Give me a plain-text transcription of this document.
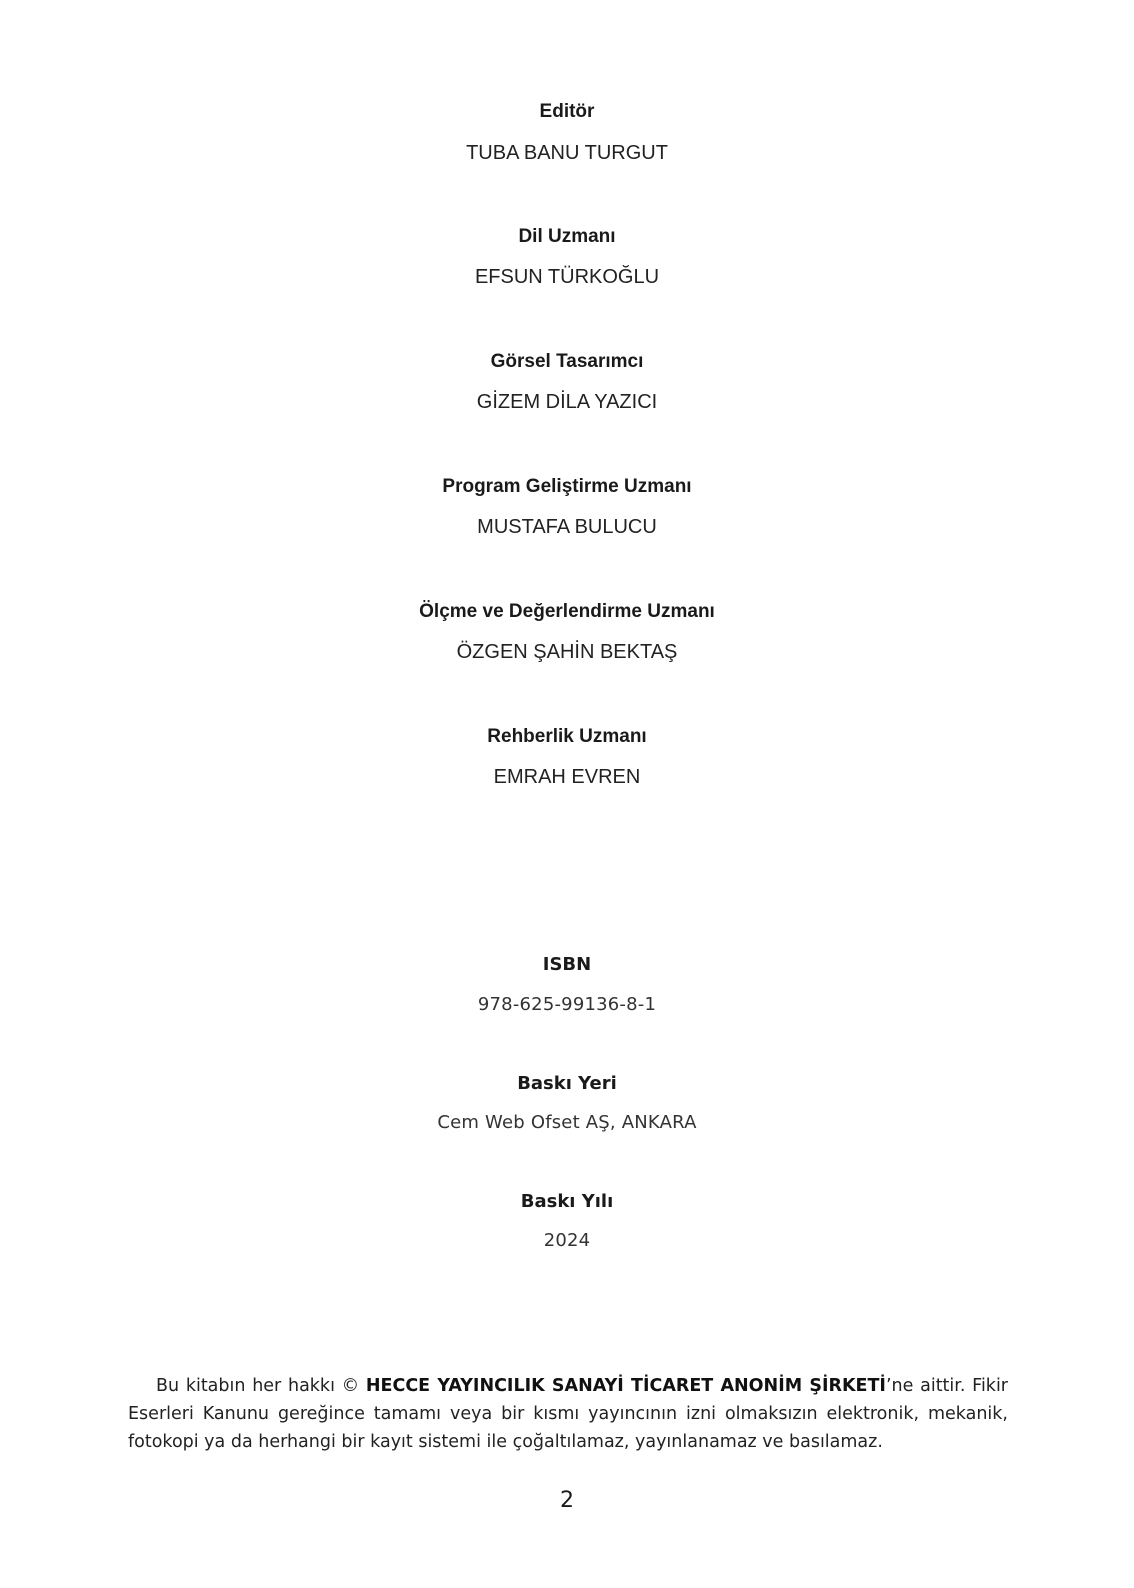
Editör

TUBA BANU TURGUT

Dil Uzmanı

EFSUN TÜRKOĞLU

Görsel Tasarımcı

GİZEM DİLA YAZICI

Program Geliştirme Uzmanı

MUSTAFA BULUCU

Ölçme ve Değerlendirme Uzmanı

ÖZGEN ŞAHİN BEKTAŞ

Rehberlik Uzmanı

EMRAH EVREN

ISBN

978-625-99136-8-1

Baskı Yeri

Cem Web Ofset AŞ, ANKARA

Baskı Yılı

2024

Bu kitabın her hakkı © HECCE YAYINCILIK SANAYİ TİCARET ANONİM ŞİRKETİ’ne aittir. Fikir Eserleri Kanunu gereğince tamamı veya bir kısmı yayıncının izni olmaksızın elektronik, mekanik, fotokopi ya da herhangi bir kayıt sistemi ile çoğaltılamaz, yayınlanamaz ve basılamaz.

2
